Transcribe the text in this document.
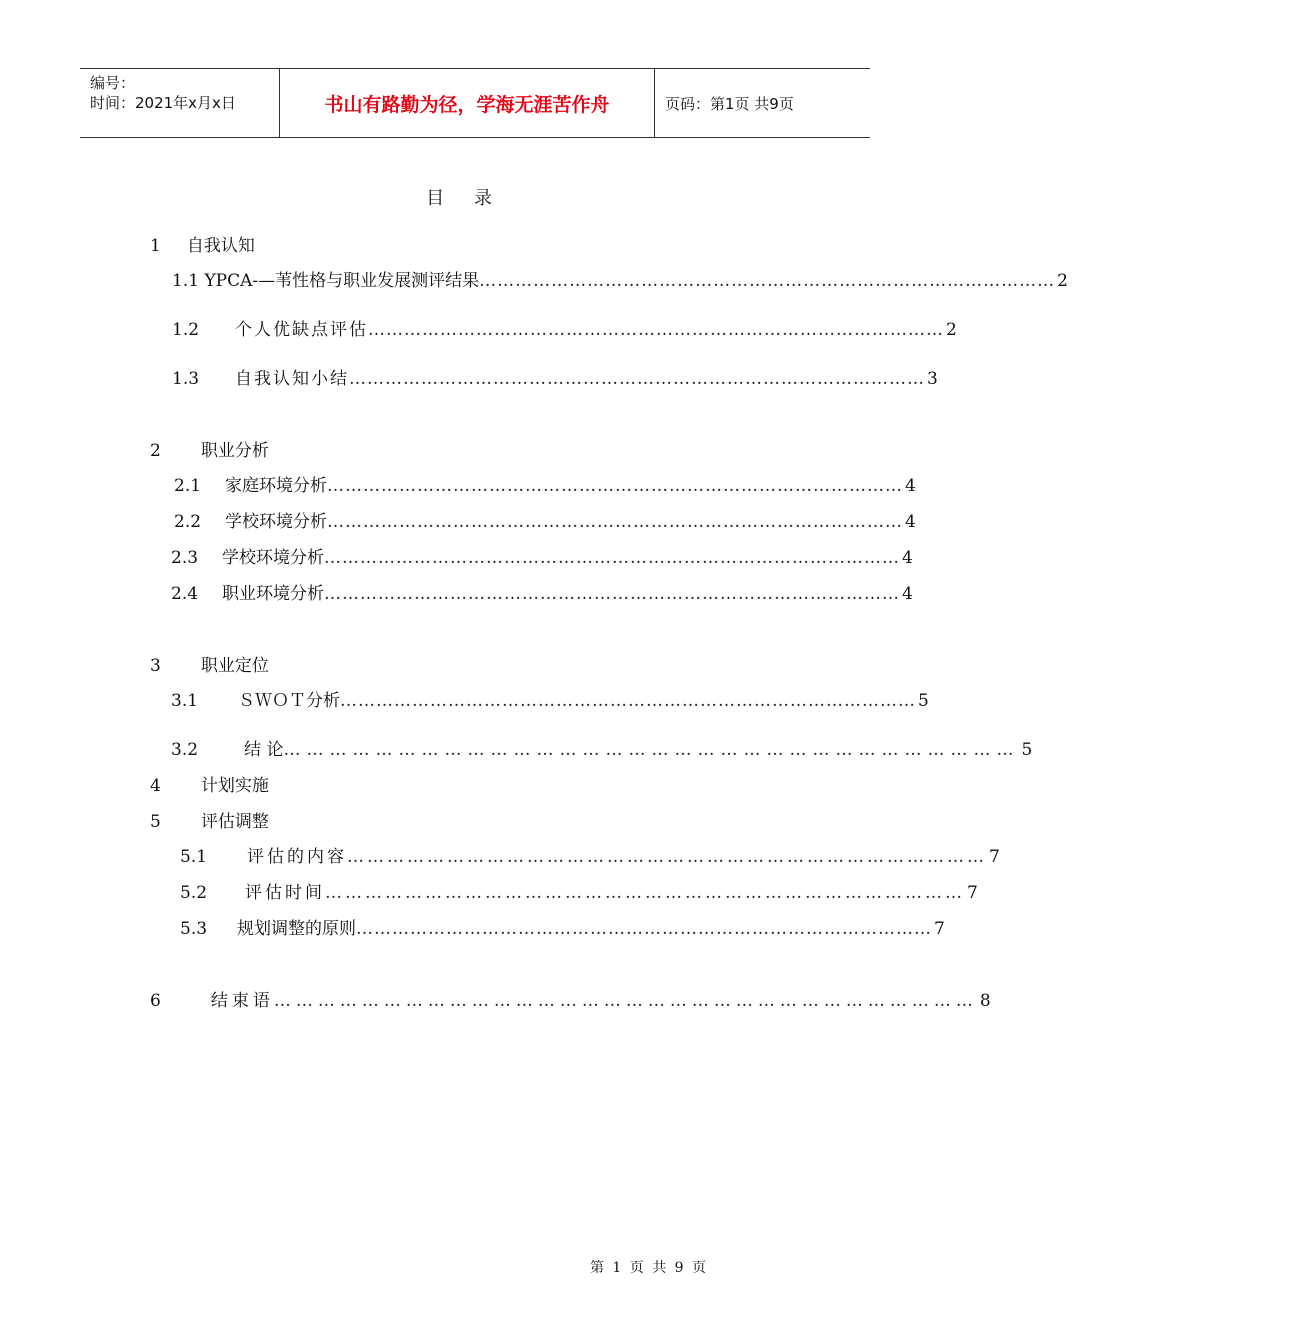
编号：
时间：2021年x月x日	书山有路勤为径，学海无涯苦作舟	页码：第1页 共9页
目 录
1 自我认知
1.1 YPCA-—苇性格与职业发展测评结果 …………………………………………………………………………………… 2
1.2 个人优缺点评估 …………………………………………………………………………………… 2
1.3 自我认知小结 …………………………………………………………………………………… 3
2 职业分析
2.1 家庭环境分析 …………………………………………………………………………………… 4
2.2 学校环境分析 …………………………………………………………………………………… 4
2.3 学校环境分析 …………………………………………………………………………………… 4
2.4 职业环境分析 …………………………………………………………………………………… 4
3 职业定位
3.1 ＳＷＯＴ分析 …………………………………………………………………………………… 5
3.2	结 论 …………………………………………………………………………………… 5
4 计划实施
5 评估调整
5.1 评估的内容 …………………………………………………………………………………… 7
5.2 评估时间 …………………………………………………………………………………… 7
5.3 规划调整的原则 …………………………………………………………………………………… 7
6	结束语 …………………………………………………………………………………… 8
第 1 页 共 9 页
